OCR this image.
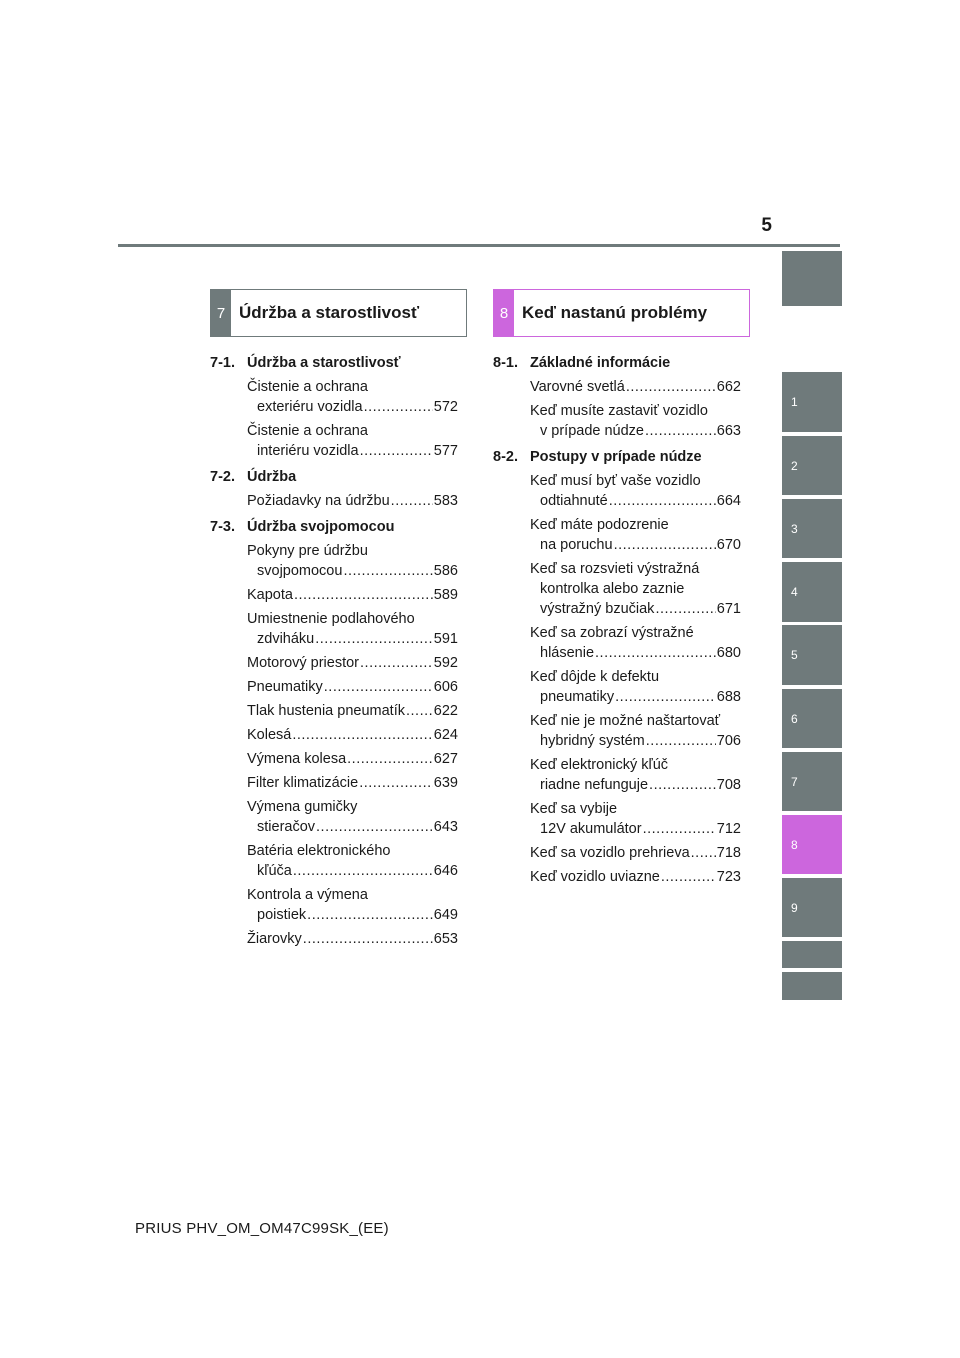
5
1
2
3
4
5
6
7
8
9
7 Údržba a starostlivosť	8 Keď nastanú problémy
7-1. Údržba a starostlivosť
Čistenie a ochrana
exteriéru vozidla .....	572
Čistenie a ochrana
interiéru vozidla .....	577
7-2. Údržba
Požiadavky na údržbu .....	583
7-3. Údržba svojpomocou
Pokyny pre údržbu
svojpomocou .....	586
Kapota .....	589
Umiestnenie podlahového
zdviháku .....	591
Motorový priestor .....	592
Pneumatiky .....	606
Tlak hustenia pneumatík ..... 622
Kolesá .....	624
Výmena kolesa .....	627
Filter klimatizácie .....	639
Výmena gumičky
stieračov .....	643
Batéria elektronického
kľúča .....	646
Kontrola a výmena
poistiek .....	649
Žiarovky .....	653
8-1. Základné informácie
Varovné svetlá .....	662
Keď musíte zastaviť vozidlo
v prípade núdze .....	663
8-2. Postupy v prípade núdze
Keď musí byť vaše vozidlo
odtiahnuté .....	664
Keď máte podozrenie
na poruchu .....	670
Keď sa rozsvieti výstražná
kontrolka alebo zaznie
výstražný bzučiak .....	671
Keď sa zobrazí výstražné
hlásenie .....	680
Keď dôjde k defektu
pneumatiky .....	688
Keď nie je možné naštartovať
hybridný systém .....	706
Keď elektronický kľúč
riadne nefunguje .....	708
Keď sa vybije
12V akumulátor .....	712
Keď sa vozidlo prehrieva ..... 718
Keď vozidlo uviazne .....	723
PRIUS PHV_OM_OM47C99SK_(EE)
